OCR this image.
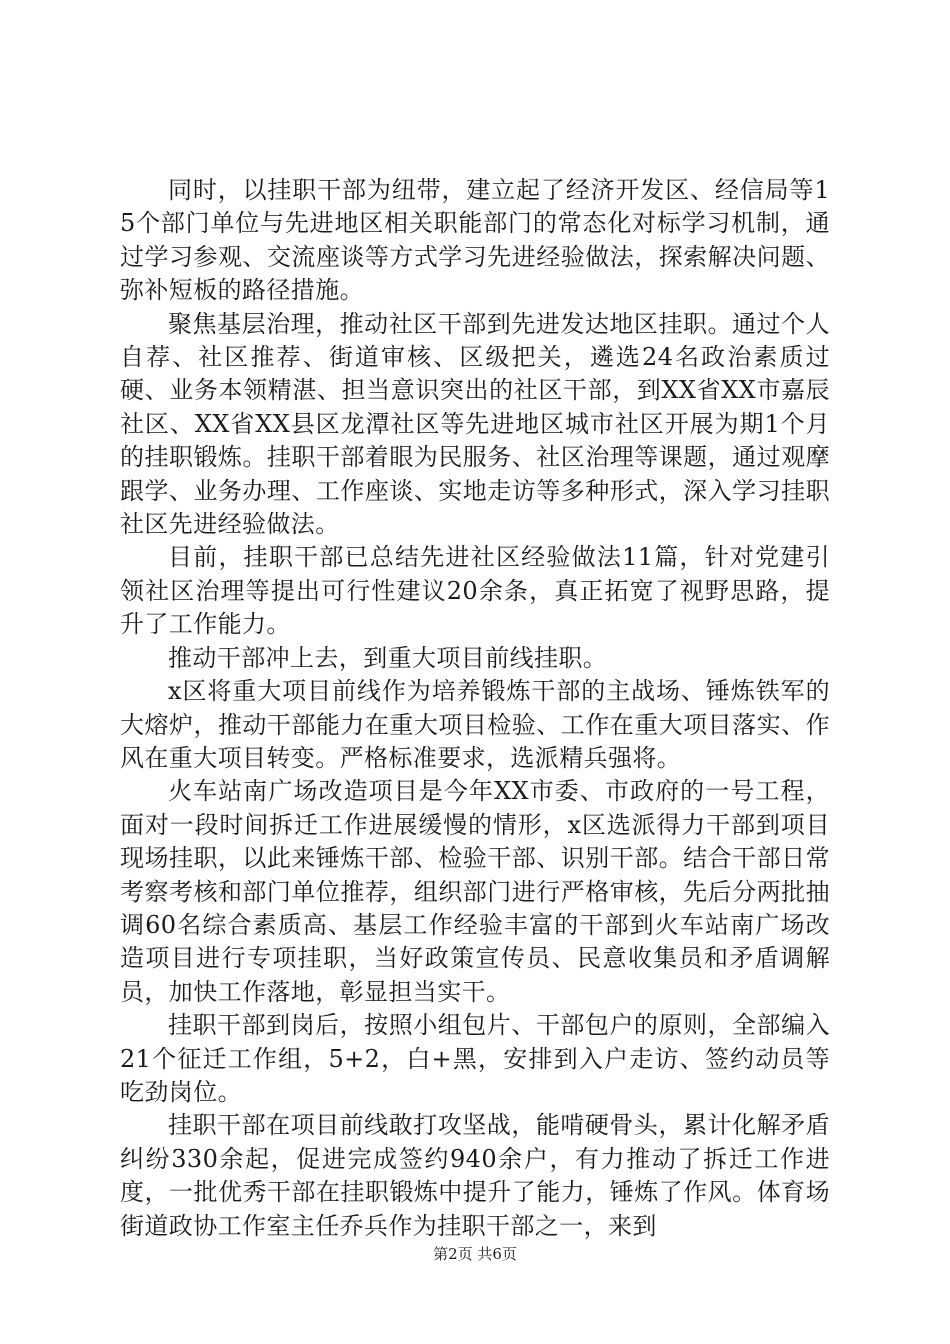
同时，以挂职干部为纽带，建立起了经济开发区、经信局等15个部门单位与先进地区相关职能部门的常态化对标学习机制，通过学习参观、交流座谈等方式学习先进经验做法，探索解决问题、弥补短板的路径措施。

聚焦基层治理，推动社区干部到先进发达地区挂职。通过个人自荐、社区推荐、街道审核、区级把关，遴选24名政治素质过硬、业务本领精湛、担当意识突出的社区干部，到XX省XX市嘉辰社区、XX省XX县区龙潭社区等先进地区城市社区开展为期1个月的挂职锻炼。挂职干部着眼为民服务、社区治理等课题，通过观摩跟学、业务办理、工作座谈、实地走访等多种形式，深入学习挂职社区先进经验做法。

目前，挂职干部已总结先进社区经验做法11篇，针对党建引领社区治理等提出可行性建议20余条，真正拓宽了视野思路，提升了工作能力。

推动干部冲上去，到重大项目前线挂职。

x区将重大项目前线作为培养锻炼干部的主战场、锤炼铁军的大熔炉，推动干部能力在重大项目检验、工作在重大项目落实、作风在重大项目转变。严格标准要求，选派精兵强将。

火车站南广场改造项目是今年XX市委、市政府的一号工程，面对一段时间拆迁工作进展缓慢的情形，x区选派得力干部到项目现场挂职，以此来锤炼干部、检验干部、识别干部。结合干部日常考察考核和部门单位推荐，组织部门进行严格审核，先后分两批抽调60名综合素质高、基层工作经验丰富的干部到火车站南广场改造项目进行专项挂职，当好政策宣传员、民意收集员和矛盾调解员，加快工作落地，彰显担当实干。

挂职干部到岗后，按照小组包片、干部包户的原则，全部编入21个征迁工作组，5+2，白+黑，安排到入户走访、签约动员等吃劲岗位。

挂职干部在项目前线敢打攻坚战，能啃硬骨头，累计化解矛盾纠纷330余起，促进完成签约940余户，有力推动了拆迁工作进度，一批优秀干部在挂职锻炼中提升了能力，锤炼了作风。体育场街道政协工作室主任乔兵作为挂职干部之一，来到

第2页 共6页
